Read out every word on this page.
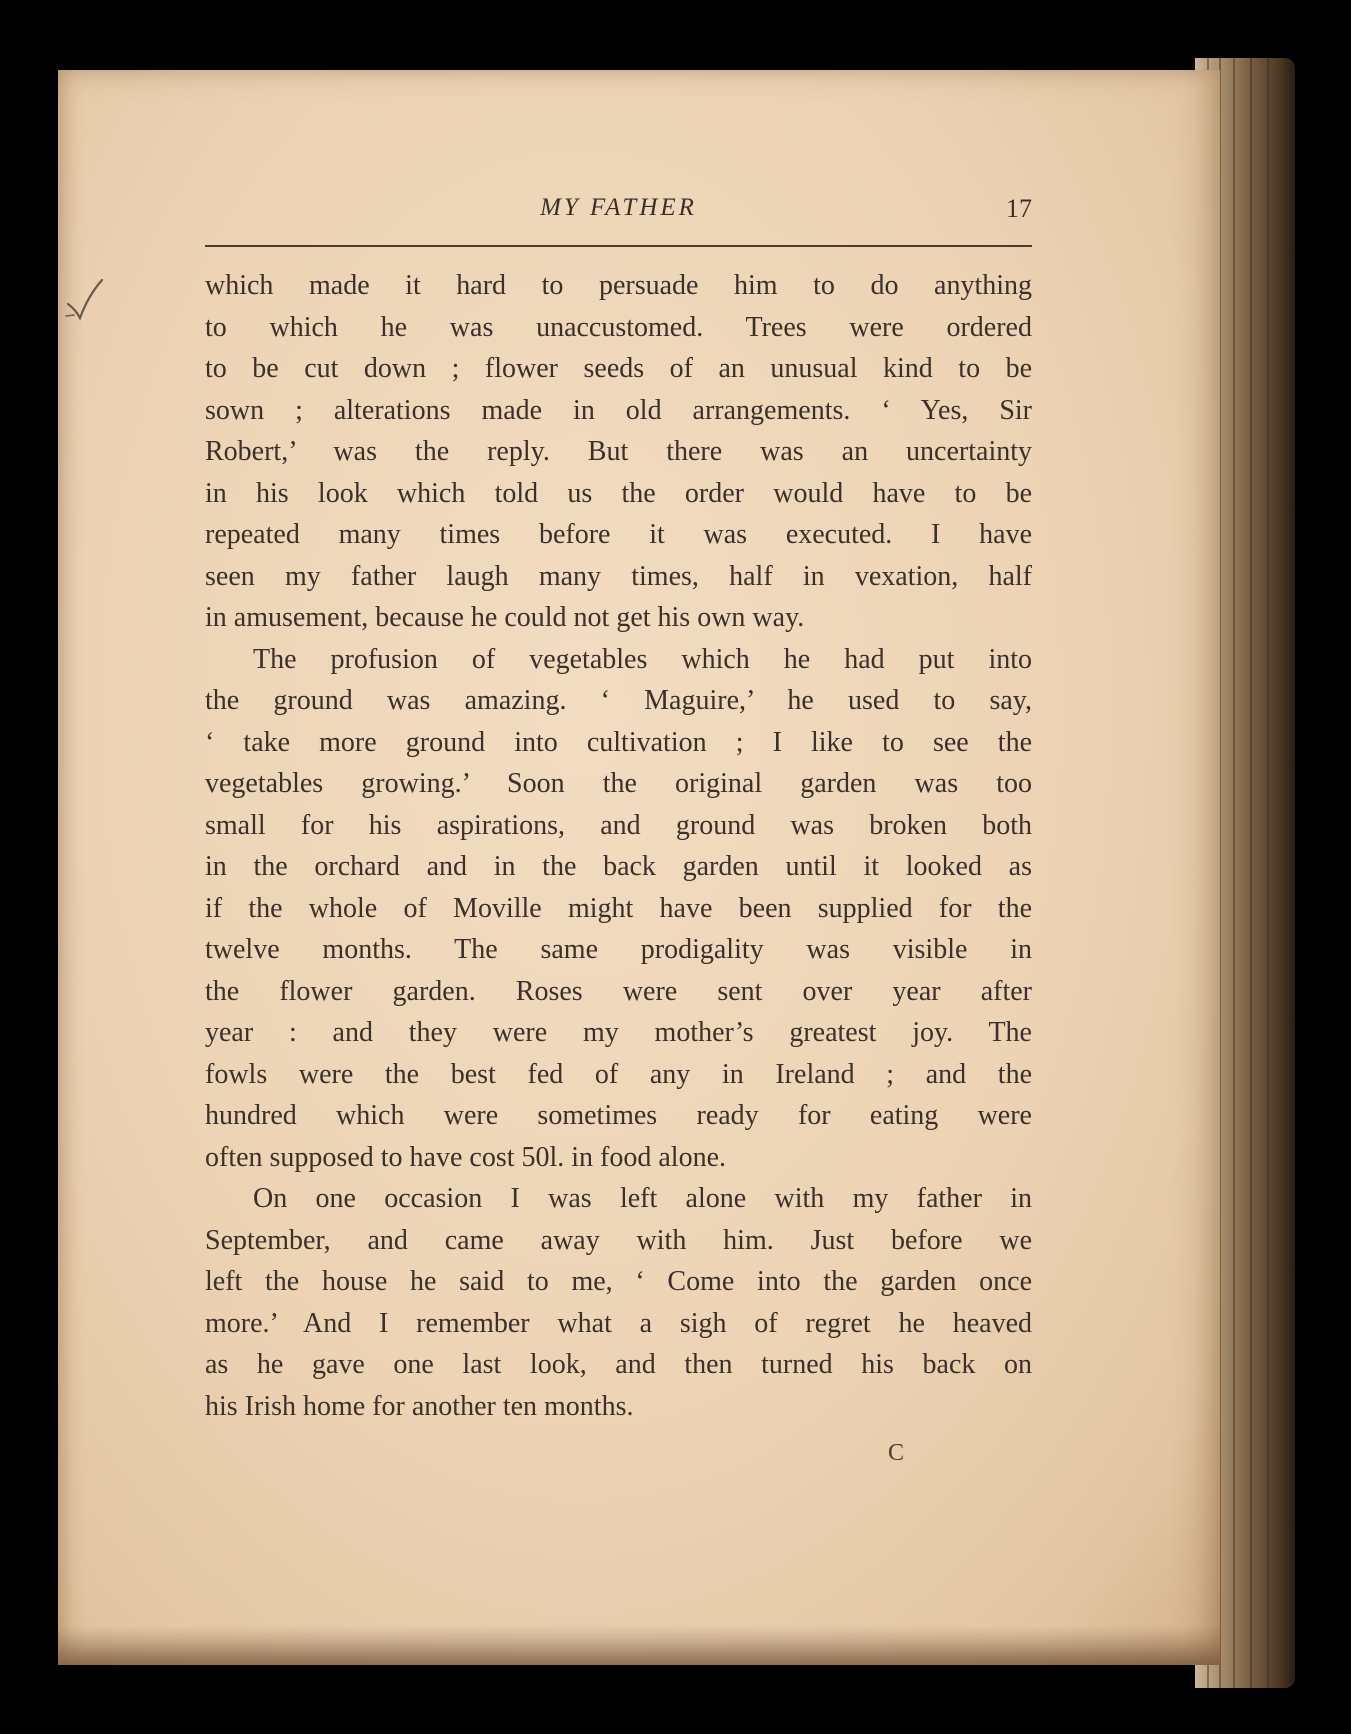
MY FATHER	17
which made it hard to persuade him to do anything
to which he was unaccustomed. Trees were ordered
to be cut down ; flower seeds of an unusual kind to be
sown ; alterations made in old arrangements. ‘ Yes, Sir
Robert,’ was the reply. But there was an uncertainty
in his look which told us the order would have to be
repeated many times before it was executed. I have
seen my father laugh many times, half in vexation, half
in amusement, because he could not get his own way.
The profusion of vegetables which he had put into
the ground was amazing. ‘ Maguire,’ he used to say,
‘ take more ground into cultivation ; I like to see the
vegetables growing.’ Soon the original garden was too
small for his aspirations, and ground was broken both
in the orchard and in the back garden until it looked as
if the whole of Moville might have been supplied for the
twelve months. The same prodigality was visible in
the flower garden. Roses were sent over year after
year : and they were my mother’s greatest joy. The
fowls were the best fed of any in Ireland ; and the
hundred which were sometimes ready for eating were
often supposed to have cost 50l. in food alone.
On one occasion I was left alone with my father in
September, and came away with him. Just before we
left the house he said to me, ‘ Come into the garden once
more.’ And I remember what a sigh of regret he heaved
as he gave one last look, and then turned his back on
his Irish home for another ten months.
C
